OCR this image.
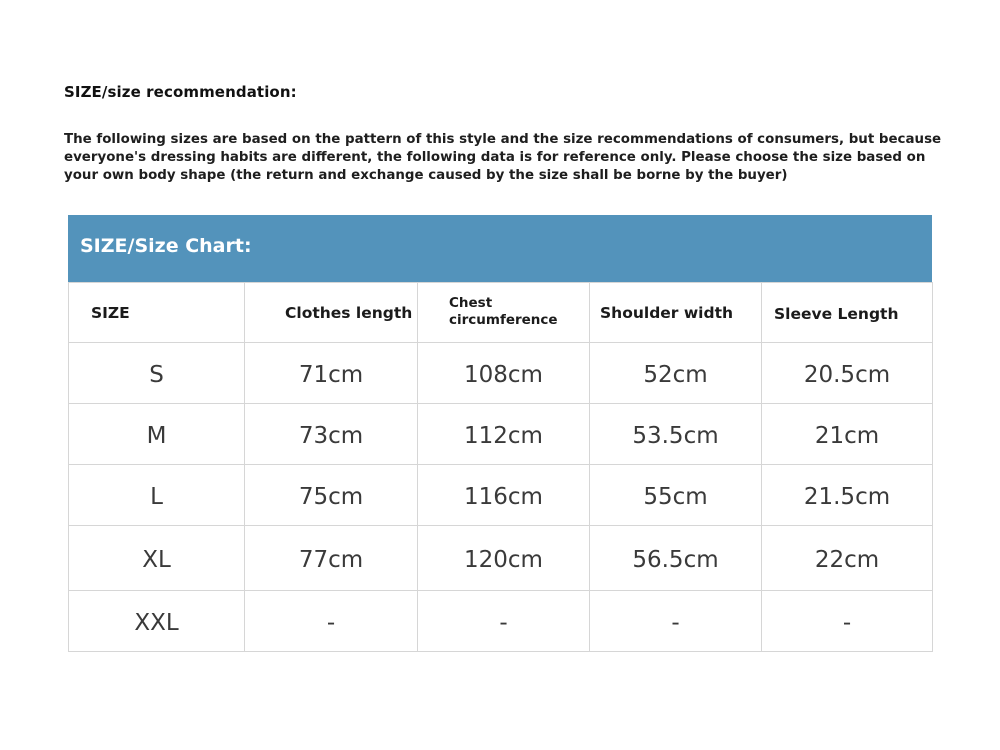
SIZE/size recommendation:
The following sizes are based on the pattern of this style and the size recommendations of consumers, but because everyone's dressing habits are different, the following data is for reference only. Please choose the size based on your own body shape (the return and exchange caused by the size shall be borne by the buyer)
SIZE/Size Chart:
SIZE	Clothes length	Chest circumference	Shoulder width	Sleeve Length
S	71cm	108cm	52cm	20.5cm
M	73cm	112cm	53.5cm	21cm
L	75cm	116cm	55cm	21.5cm
XL	77cm	120cm	56.5cm	22cm
XXL	-	-	-	-
